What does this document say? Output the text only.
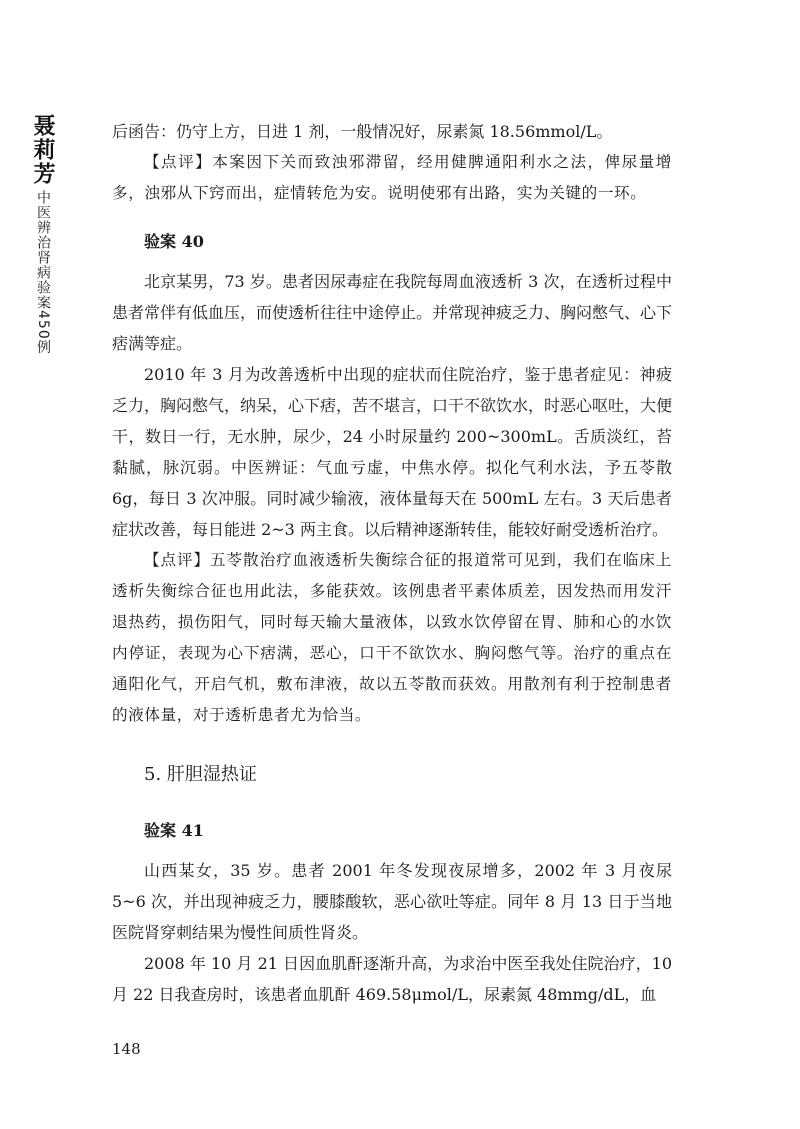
聂莉芳
中医辨治肾病验案450例

后函告：仍守上方，日进 1 剂，一般情况好，尿素氮 18.56mmol/L。

【点评】本案因下关而致浊邪滞留，经用健脾通阳利水之法，俾尿量增多，浊邪从下窍而出，症情转危为安。说明使邪有出路，实为关键的一环。

验案 40

北京某男，73 岁。患者因尿毒症在我院每周血液透析 3 次，在透析过程中患者常伴有低血压，而使透析往往中途停止。并常现神疲乏力、胸闷憋气、心下痞满等症。

2010 年 3 月为改善透析中出现的症状而住院治疗，鉴于患者症见：神疲乏力，胸闷憋气，纳呆，心下痞，苦不堪言，口干不欲饮水，时恶心呕吐，大便干，数日一行，无水肿，尿少，24 小时尿量约 200~300mL。舌质淡红，苔黏腻，脉沉弱。中医辨证：气血亏虚，中焦水停。拟化气利水法，予五苓散 6g，每日 3 次冲服。同时减少输液，液体量每天在 500mL 左右。3 天后患者症状改善，每日能进 2~3 两主食。以后精神逐渐转佳，能较好耐受透析治疗。

【点评】五苓散治疗血液透析失衡综合征的报道常可见到，我们在临床上透析失衡综合征也用此法，多能获效。该例患者平素体质差，因发热而用发汗退热药，损伤阳气，同时每天输大量液体，以致水饮停留在胃、肺和心的水饮内停证，表现为心下痞满，恶心，口干不欲饮水、胸闷憋气等。治疗的重点在通阳化气，开启气机，敷布津液，故以五苓散而获效。用散剂有利于控制患者的液体量，对于透析患者尤为恰当。

5. 肝胆湿热证

验案 41

山西某女，35 岁。患者 2001 年冬发现夜尿增多，2002 年 3 月夜尿 5~6 次，并出现神疲乏力，腰膝酸软，恶心欲吐等症。同年 8 月 13 日于当地医院肾穿刺结果为慢性间质性肾炎。

2008 年 10 月 21 日因血肌酐逐渐升高，为求治中医至我处住院治疗，10 月 22 日我查房时，该患者血肌酐 469.58μmol/L，尿素氮 48mmg/dL，血

148
